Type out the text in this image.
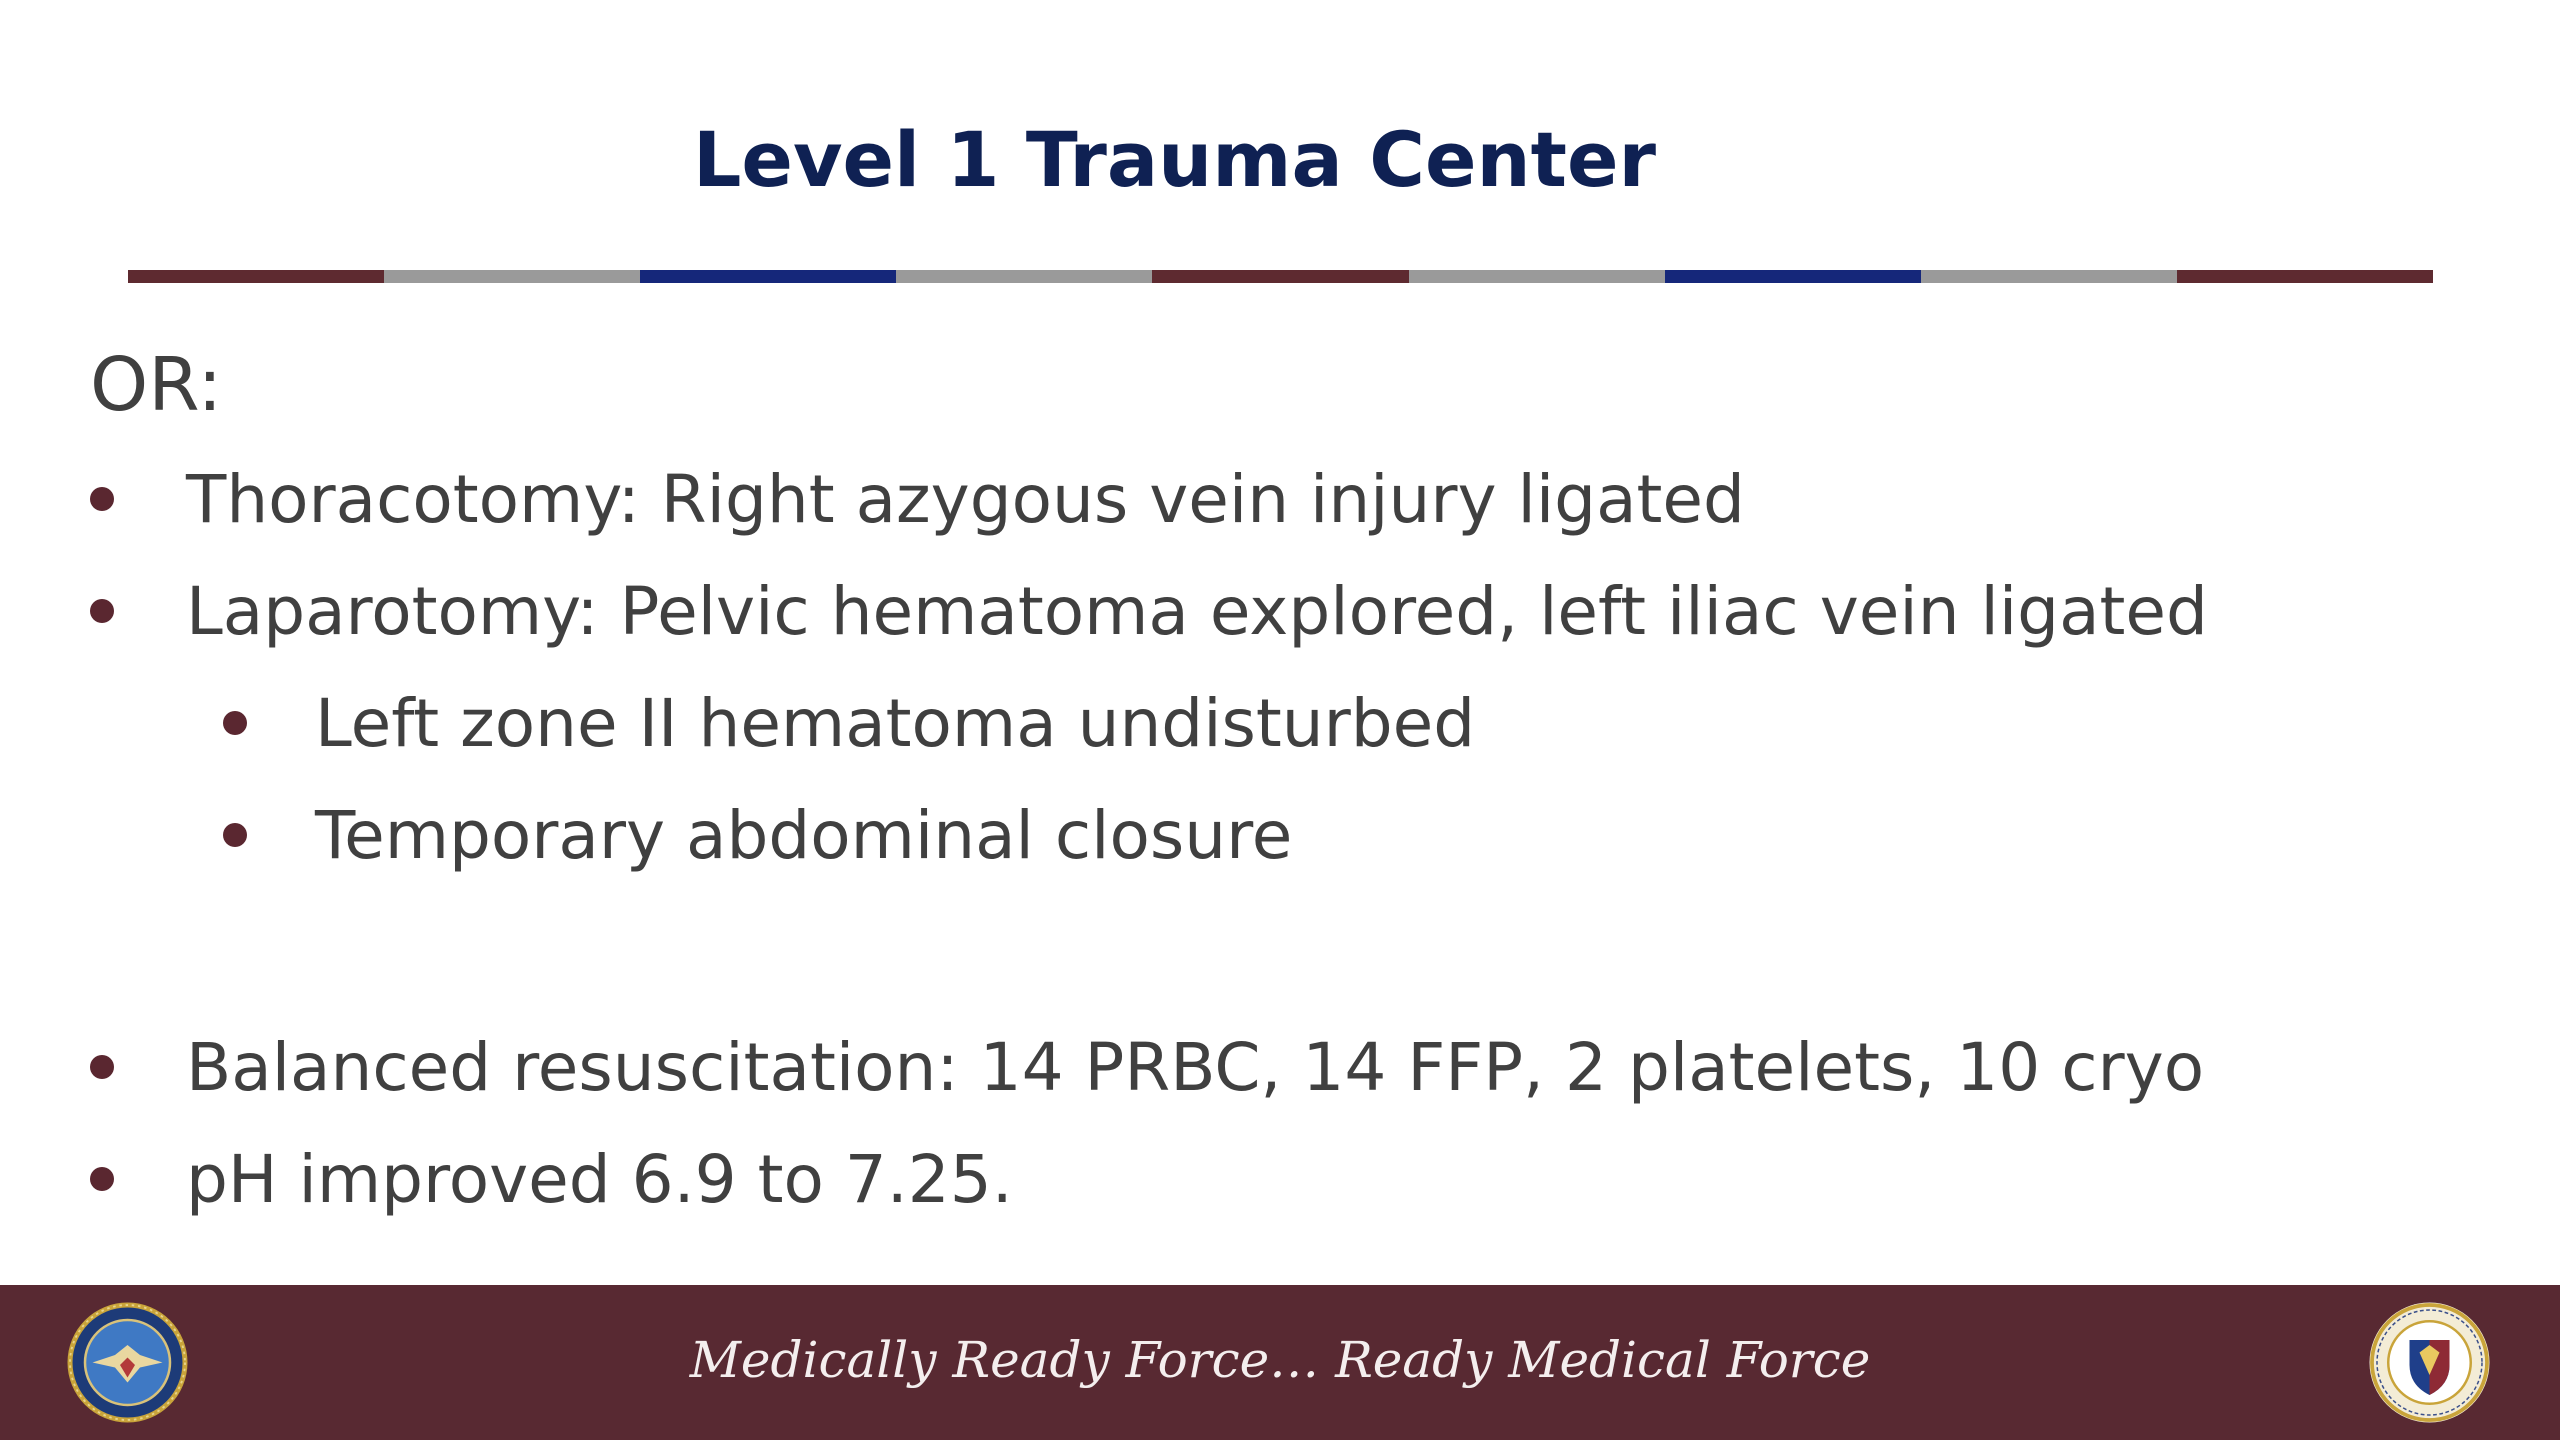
Level 1 Trauma Center
OR:
Thoracotomy: Right azygous vein injury ligated
Laparotomy: Pelvic hematoma explored, left iliac vein ligated
Left zone II hematoma undisturbed
Temporary abdominal closure
Balanced resuscitation: 14 PRBC, 14 FFP, 2 platelets, 10 cryo
pH improved 6.9 to 7.25.
Medically Ready Force… Ready Medical Force
